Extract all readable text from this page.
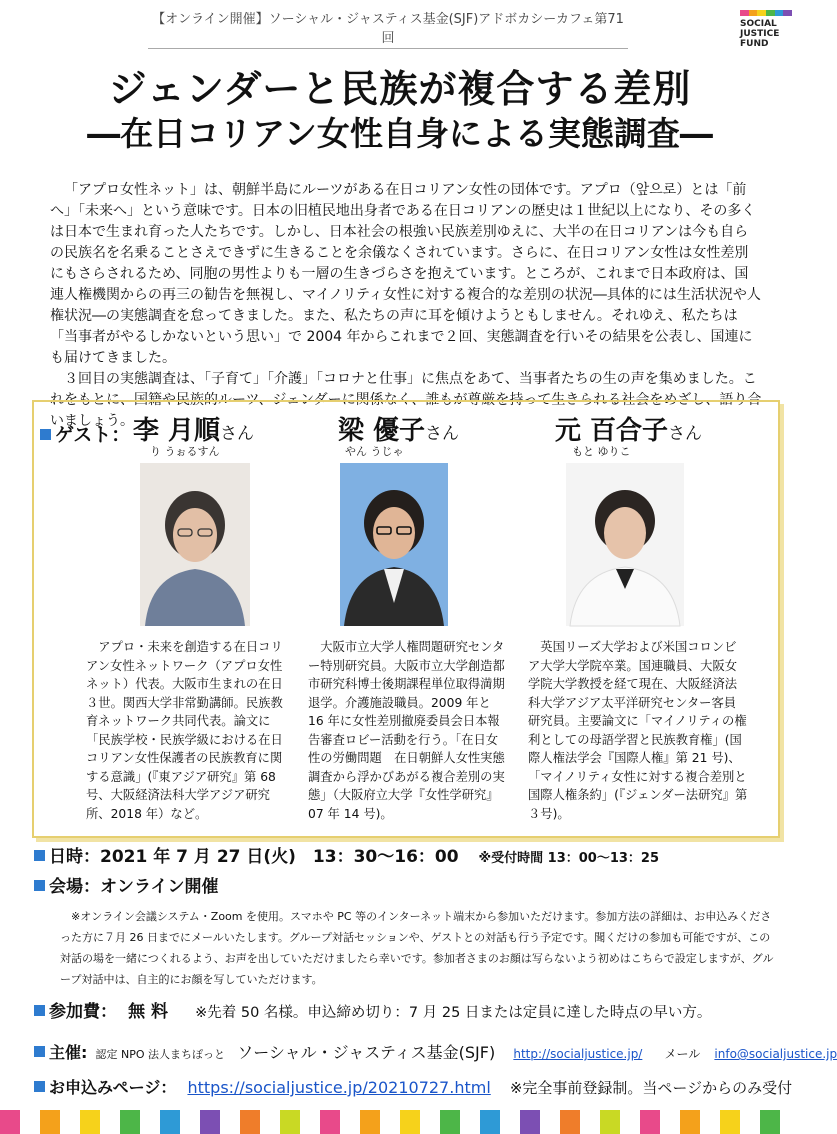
【オンライン開催】ソーシャル・ジャスティス基金(SJF)アドボカシーカフェ第71回
SOCIAL
JUSTICE
FUND
ジェンダーと民族が複合する差別
―在日コリアン女性自身による実態調査―

「アプロ女性ネット」は、朝鮮半島にルーツがある在日コリアン女性の団体です。アプロ（앞으로）とは「前へ」「未来へ」という意味です。日本の旧植民地出身者である在日コリアンの歴史は１世紀以上になり、その多くは日本で生まれ育った人たちです。しかし、日本社会の根強い民族差別ゆえに、大半の在日コリアンは今も自らの民族名を名乗ることさえできずに生きることを余儀なくされています。さらに、在日コリアン女性は女性差別にもさらされるため、同胞の男性よりも一層の生きづらさを抱えています。ところが、これまで日本政府は、国連人権機関からの再三の勧告を無視し、マイノリティ女性に対する複合的な差別の状況―具体的には生活状況や人権状況―の実態調査を怠ってきました。また、私たちの声に耳を傾けようともしません。それゆえ、私たちは「当事者がやるしかないという思い」で 2004 年からこれまで２回、実態調査を行いその結果を公表し、国連にも届けてきました。

３回目の実態調査は、「子育て」「介護」「コロナと仕事」に焦点をあて、当事者たちの生の声を集めました。これをもとに、国籍や民族的ルーツ、ジェンダーに関係なく、誰もが尊厳を持って生きられる社会をめざし、語り合いましょう。

ゲスト： 李 月順さん
り うぉるすん

アプロ・未来を創造する在日コリアン女性ネットワーク（アプロ女性ネット）代表。大阪市生まれの在日３世。関西大学非常勤講師。民族教育ネットワーク共同代表。論文に「民族学校・民族学級における在日コリアン女性保護者の民族教育に関する意識」(『東アジア研究』第 68 号、大阪経済法科大学アジア研究所、2018 年）など。

梁 優子さん
やん うじゃ

大阪市立大学人権問題研究センター特別研究員。大阪市立大学創造都市研究科博士後期課程単位取得満期退学。介護施設職員。2009 年と 16 年に女性差別撤廃委員会日本報告審査ロビー活動を行う。「在日女性の労働問題　在日朝鮮人女性実態調査から浮かびあがる複合差別の実態」（大阪府立大学『女性学研究』07 年 14 号)。

元 百合子さん
もと ゆりこ

英国リーズ大学および米国コロンビア大学大学院卒業。国連職員、大阪女学院大学教授を経て現在、大阪経済法科大学アジア太平洋研究センター客員研究員。主要論文に「マイノリティの権利としての母語学習と民族教育権」(国際人権法学会『国際人権』第 21 号)、「マイノリティ女性に対する複合差別と国際人権条約」(『ジェンダー法研究』第３号)。

日時：2021 年 7 月 27 日(火)　13：30〜16：00 ※受付時間 13：00〜13：25
会場：オンライン開催

※オンライン会議システム・Zoom を使用。スマホや PC 等のインターネット端末から参加いただけます。参加方法の詳細は、お申込みくださった方に７月 26 日までにメールいたします。グループ対話セッションや、ゲストとの対話も行う予定です。聞くだけの参加も可能ですが、この対話の場を一緒につくれるよう、お声を出していただけましたら幸いです。参加者さまのお顔は写らないよう初めはこちらで設定しますが、グループ対話中は、自主的にお顔を写していただけます。

参加費： 無 料 ※先着 50 名様。申込締め切り：7 月 25 日または定員に達した時点の早い方。
主催: 認定 NPO 法人まちぽっと ソーシャル・ジャスティス基金(SJF) http://socialjustice.jp/ メール info@socialjustice.jp
お申込みページ： https://socialjustice.jp/20210727.html ※完全事前登録制。当ページからのみ受付
